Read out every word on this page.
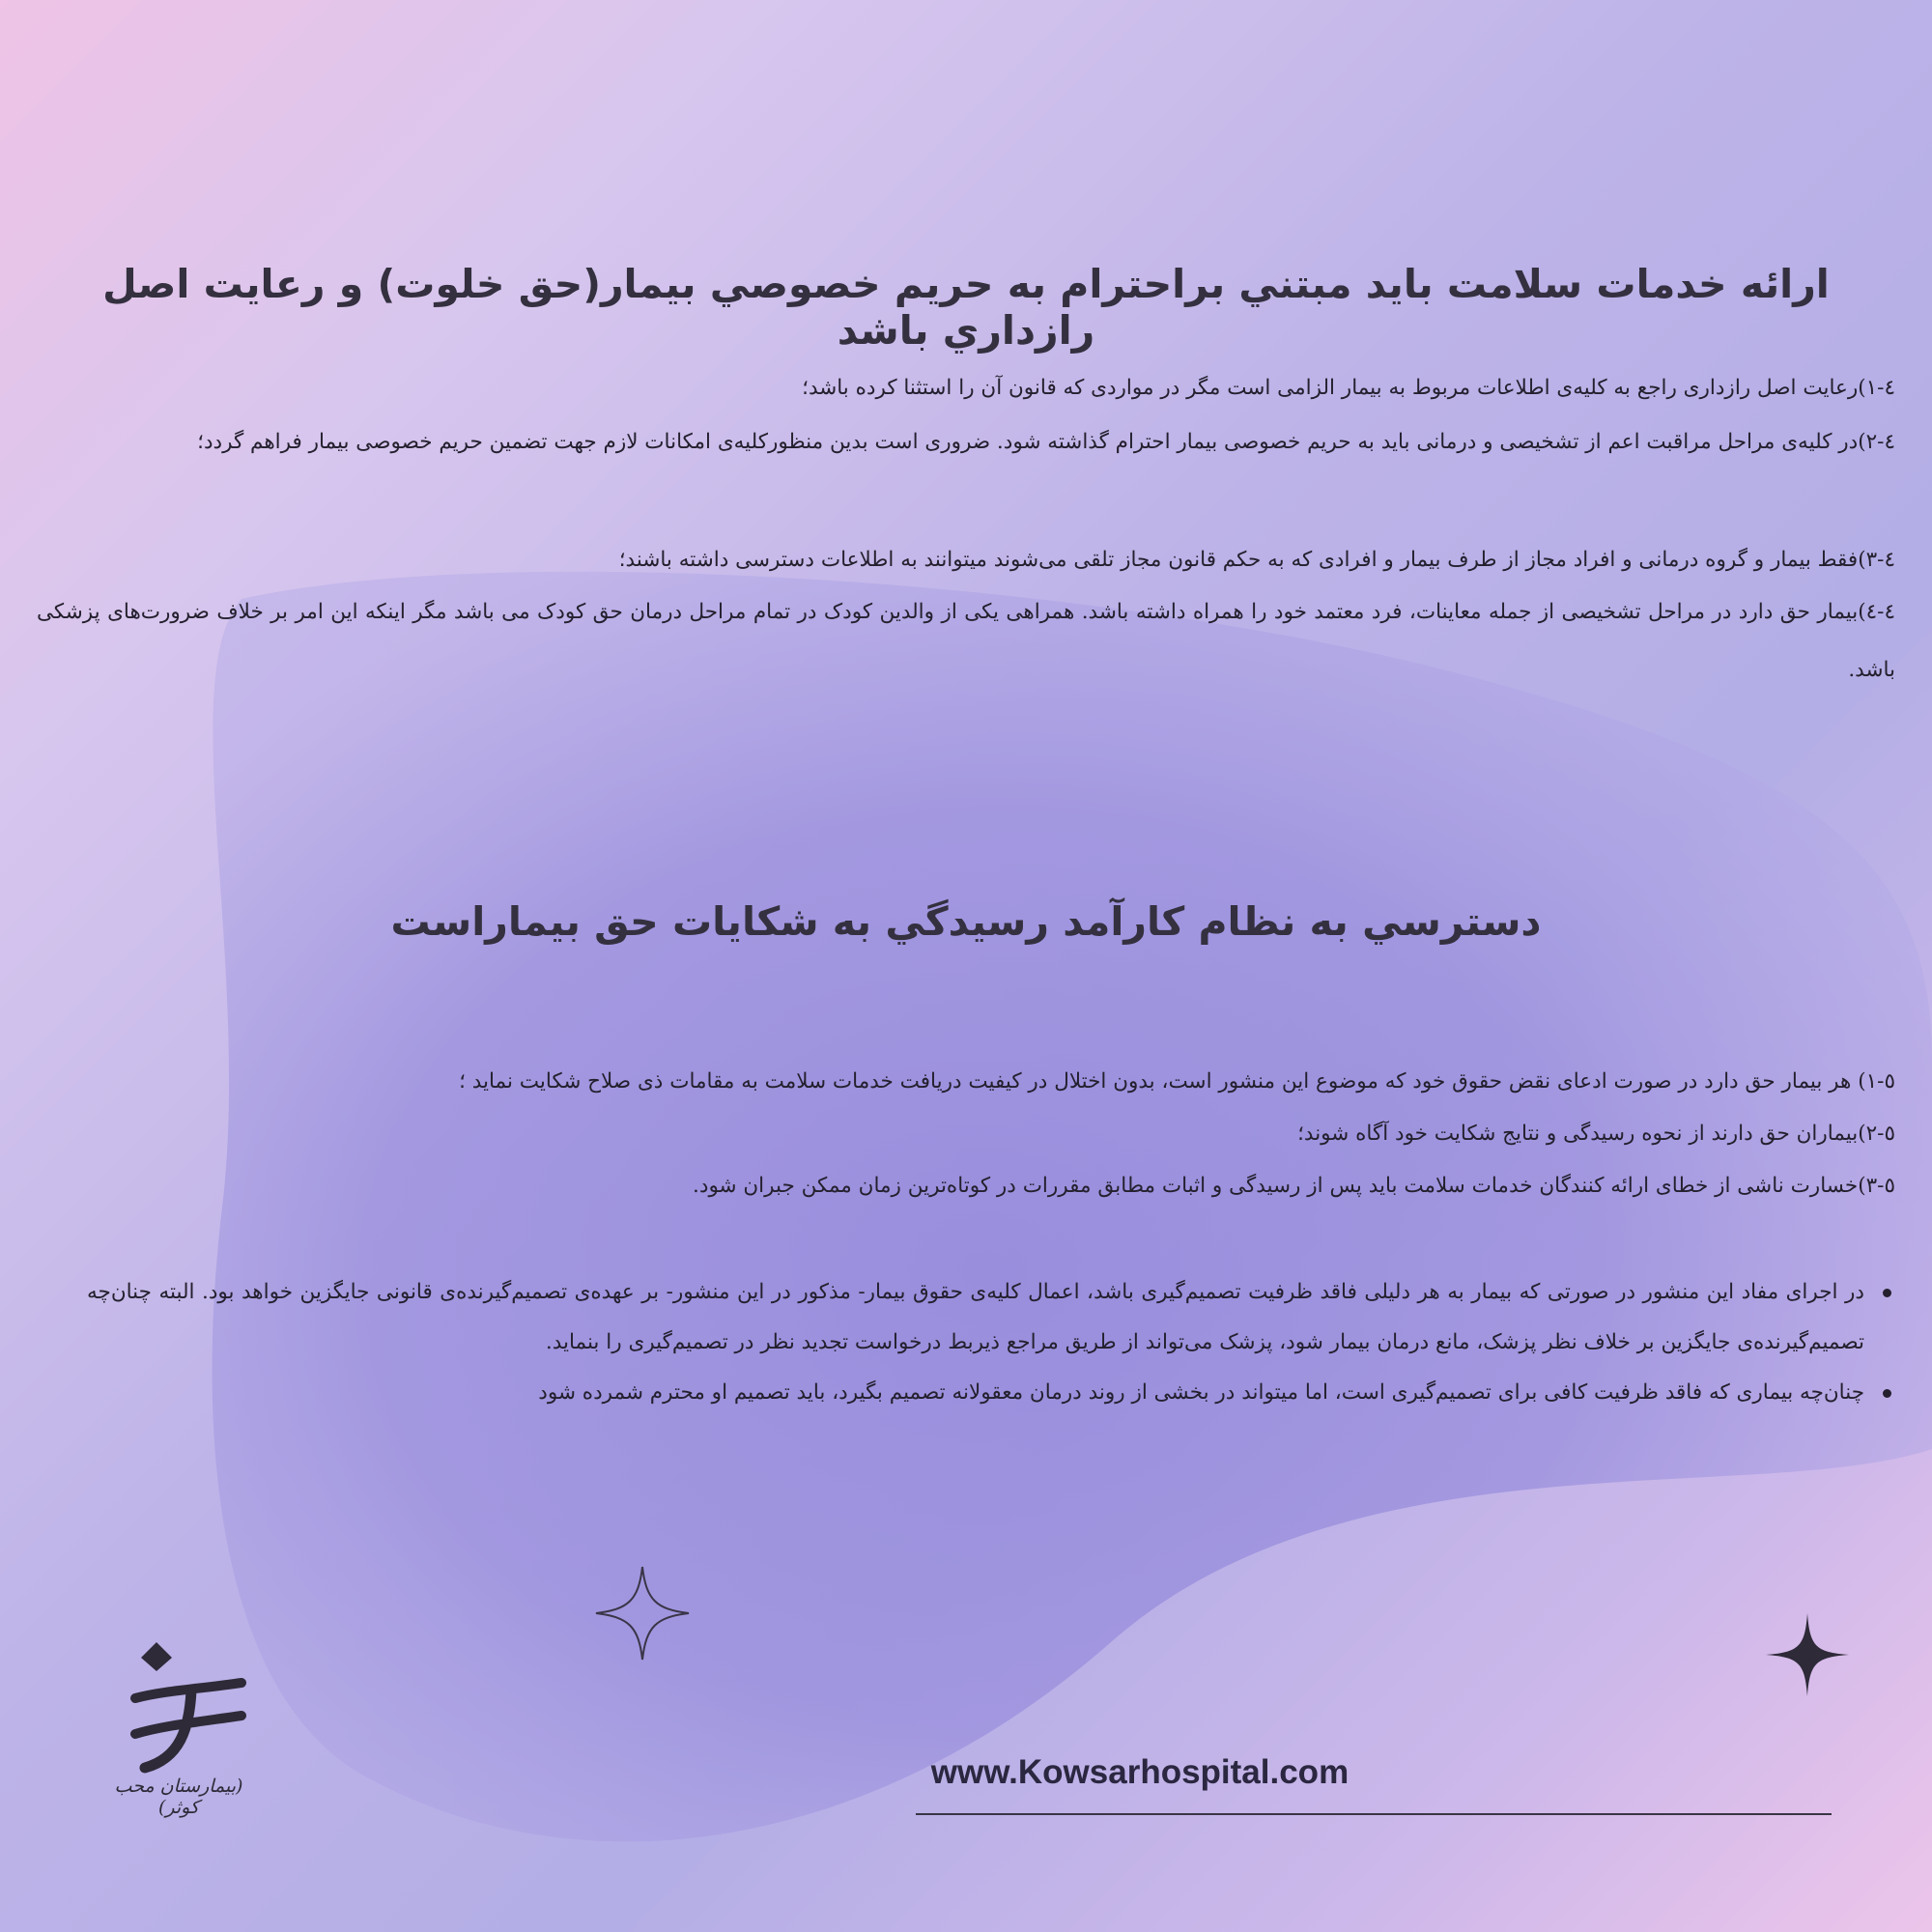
ارائه خدمات سلامت بايد مبتني براحترام به حريم خصوصي بيمار(حق خلوت) و رعايت اصل رازداري باشد

٤-١)رعایت اصل رازداری راجع به کلیه‌ی اطلاعات مربوط به بیمار الزامی است مگر در مواردی که قانون آن را استثنا کرده باشد؛

٤-٢)در کلیه‌ی مراحل مراقبت اعم از تشخیصی و درمانی باید به حریم خصوصی بیمار احترام گذاشته شود. ضروری است بدین منظورکلیه‌ی امکانات لازم جهت تضمین حریم خصوصی بیمار فراهم گردد؛

٤-٣)فقط بیمار و گروه درمانی و افراد مجاز از طرف بیمار و افرادی که به حکم قانون مجاز تلقی می‌شوند میتوانند به اطلاعات دسترسی داشته باشند؛

٤-٤)بیمار حق دارد در مراحل تشخیصی از جمله معاینات، فرد معتمد خود را همراه داشته باشد. همراهی یکی از والدین کودک در تمام مراحل درمان حق کودک می باشد مگر اینکه این امر بر خلاف ضرورت‌های پزشکی باشد.

دسترسي به نظام كارآمد رسيدگي به شكايات حق بيماراست

٥-١) هر بیمار حق دارد در صورت ادعای نقض حقوق خود که موضوع این منشور است، بدون اختلال در کیفیت دریافت خدمات سلامت به مقامات ذی صلاح شکایت نماید ؛

٥-٢)بیماران حق دارند از نحوه رسیدگی و نتایج شکایت خود آگاه شوند؛

٥-٣)خسارت ناشی از خطای ارائه کنندگان خدمات سلامت باید پس از رسیدگی و اثبات مطابق مقررات در کوتاه‌ترین زمان ممکن جبران شود.

در اجرای مفاد این منشور در صورتی که بیمار به هر دلیلی فاقد ظرفیت تصمیم‌گیری باشد، اعمال کلیه‌ی حقوق بیمار- مذکور در این منشور- بر عهده‌ی تصمیم‌گیرنده‌ی قانونی جایگزین خواهد بود. البته چنان‌چه تصمیم‌گیرنده‌ی جایگزین بر خلاف نظر پزشک، مانع درمان بیمار شود، پزشک می‌تواند از طریق مراجع ذیربط درخواست تجدید نظر در تصمیم‌گیری را بنماید.
چنان‌چه بیماری که فاقد ظرفیت کافی برای تصمیم‌گیری است، اما میتواند در بخشی از روند درمان معقولانه تصمیم بگیرد، باید تصمیم او محترم شمرده شود
(بیمارستان محب کوثر)
www.Kowsarhospital.com
